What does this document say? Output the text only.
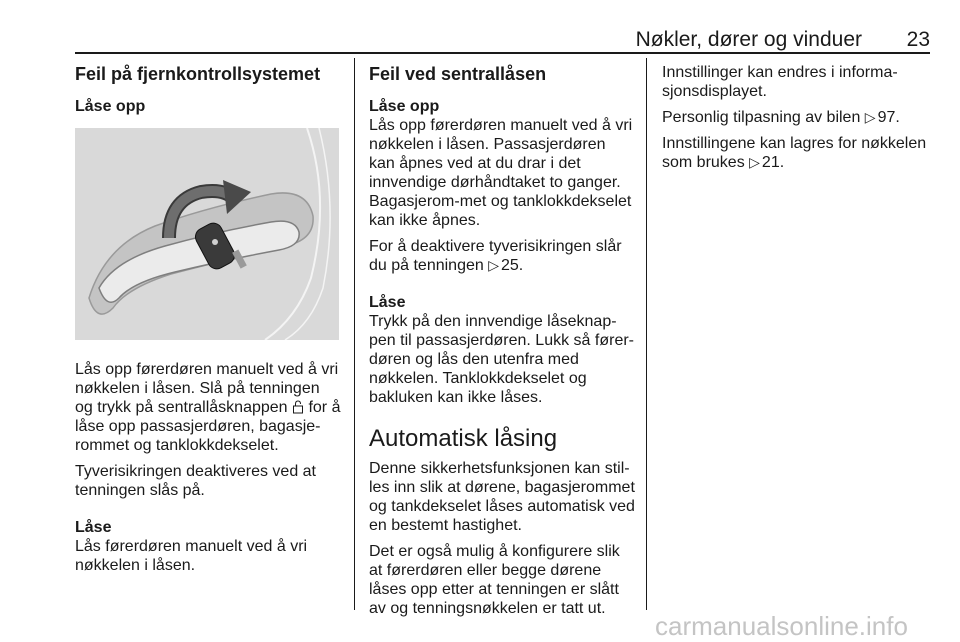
Nøkler, dører og vinduer	23
Feil på fjernkontrollsystemet
Låse opp

Lås opp førerdøren manuelt ved å vri nøkkelen i låsen. Slå på tenningen og trykk på sentrallåsknappen  for å låse opp passasjerdøren, bagasje-rommet og tanklokkdekselet.

Tyverisikringen deaktiveres ved at tenningen slås på.

Låse

Lås førerdøren manuelt ved å vri nøkkelen i låsen.

Feil ved sentrallåsen
Låse opp

Lås opp førerdøren manuelt ved å vri nøkkelen i låsen. Passasjerdøren kan åpnes ved at du drar i det innvendige dørhåndtaket to ganger. Bagasjerom-met og tanklokkdekselet kan ikke åpnes.

For å deaktivere tyverisikringen slår du på tenningen ▷ 25.

Låse

Trykk på den innvendige låseknap-pen til passasjerdøren. Lukk så fører-døren og lås den utenfra med nøkkelen. Tanklokkdekselet og bakluken kan ikke låses.

Automatisk låsing

Denne sikkerhetsfunksjonen kan stil-les inn slik at dørene, bagasjerommet og tankdekselet låses automatisk ved en bestemt hastighet.

Det er også mulig å konfigurere slik at førerdøren eller begge dørene låses opp etter at tenningen er slått av og tenningsnøkkelen er tatt ut.

Innstillinger kan endres i informa-sjonsdisplayet.

Personlig tilpasning av bilen ▷ 97.

Innstillingene kan lagres for nøkkelen som brukes ▷ 21.

carmanualsonline.info
